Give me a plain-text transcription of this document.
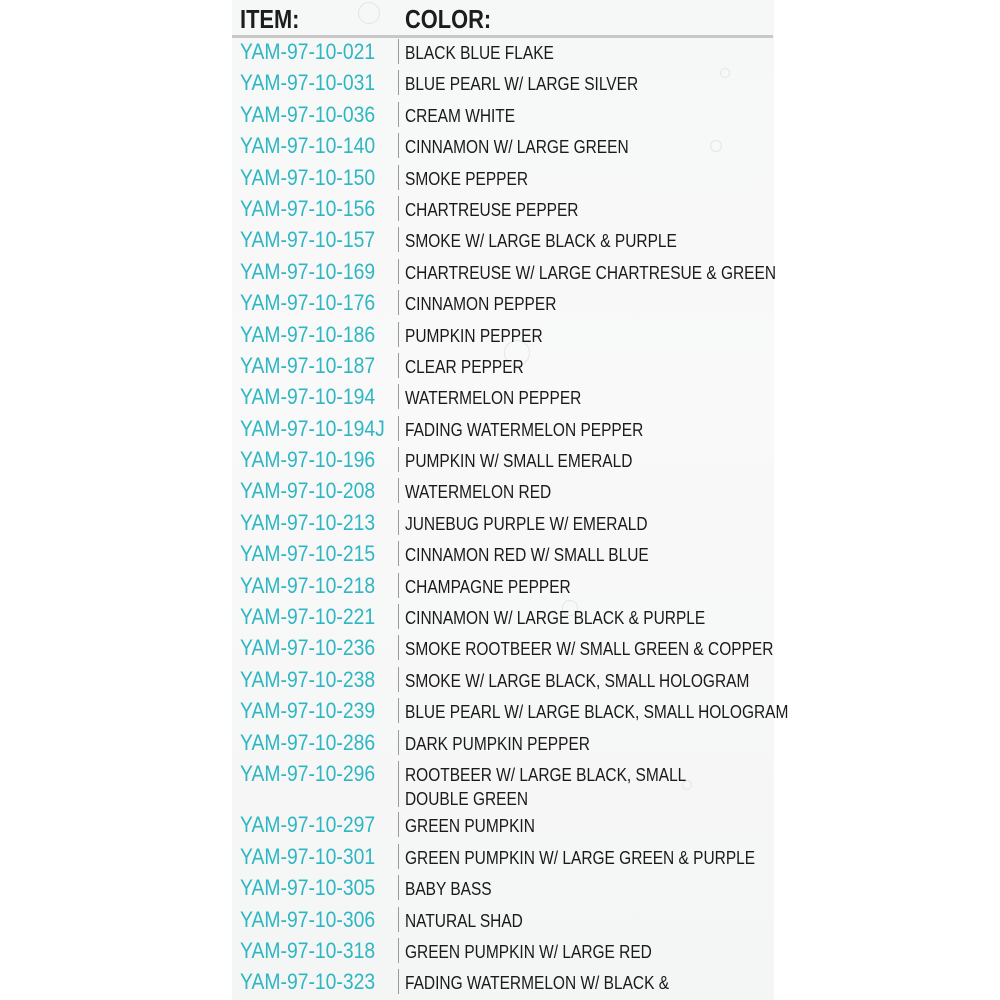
ITEM:	COLOR:
YAM-97-10-021 BLACK BLUE FLAKE
YAM-97-10-031 BLUE PEARL W/ LARGE SILVER
YAM-97-10-036 CREAM WHITE
YAM-97-10-140 CINNAMON W/ LARGE GREEN
YAM-97-10-150 SMOKE PEPPER
YAM-97-10-156 CHARTREUSE PEPPER
YAM-97-10-157 SMOKE W/ LARGE BLACK & PURPLE
YAM-97-10-169 CHARTREUSE W/ LARGE CHARTRESUE & GREEN
YAM-97-10-176 CINNAMON PEPPER
YAM-97-10-186 PUMPKIN PEPPER
YAM-97-10-187 CLEAR PEPPER
YAM-97-10-194 WATERMELON PEPPER
YAM-97-10-194J FADING WATERMELON PEPPER
YAM-97-10-196 PUMPKIN W/ SMALL EMERALD
YAM-97-10-208 WATERMELON RED
YAM-97-10-213 JUNEBUG PURPLE W/ EMERALD
YAM-97-10-215 CINNAMON RED W/ SMALL BLUE
YAM-97-10-218 CHAMPAGNE PEPPER
YAM-97-10-221 CINNAMON W/ LARGE BLACK & PURPLE
YAM-97-10-236 SMOKE ROOTBEER W/ SMALL GREEN & COPPER
YAM-97-10-238 SMOKE W/ LARGE BLACK, SMALL HOLOGRAM
YAM-97-10-239 BLUE PEARL W/ LARGE BLACK, SMALL HOLOGRAM
YAM-97-10-286 DARK PUMPKIN PEPPER
YAM-97-10-296 ROOTBEER W/ LARGE BLACK, SMALL
DOUBLE GREEN
YAM-97-10-297 GREEN PUMPKIN
YAM-97-10-301 GREEN PUMPKIN W/ LARGE GREEN & PURPLE
YAM-97-10-305 BABY BASS
YAM-97-10-306 NATURAL SHAD
YAM-97-10-318 GREEN PUMPKIN W/ LARGE RED
YAM-97-10-323 FADING WATERMELON W/ BLACK &
